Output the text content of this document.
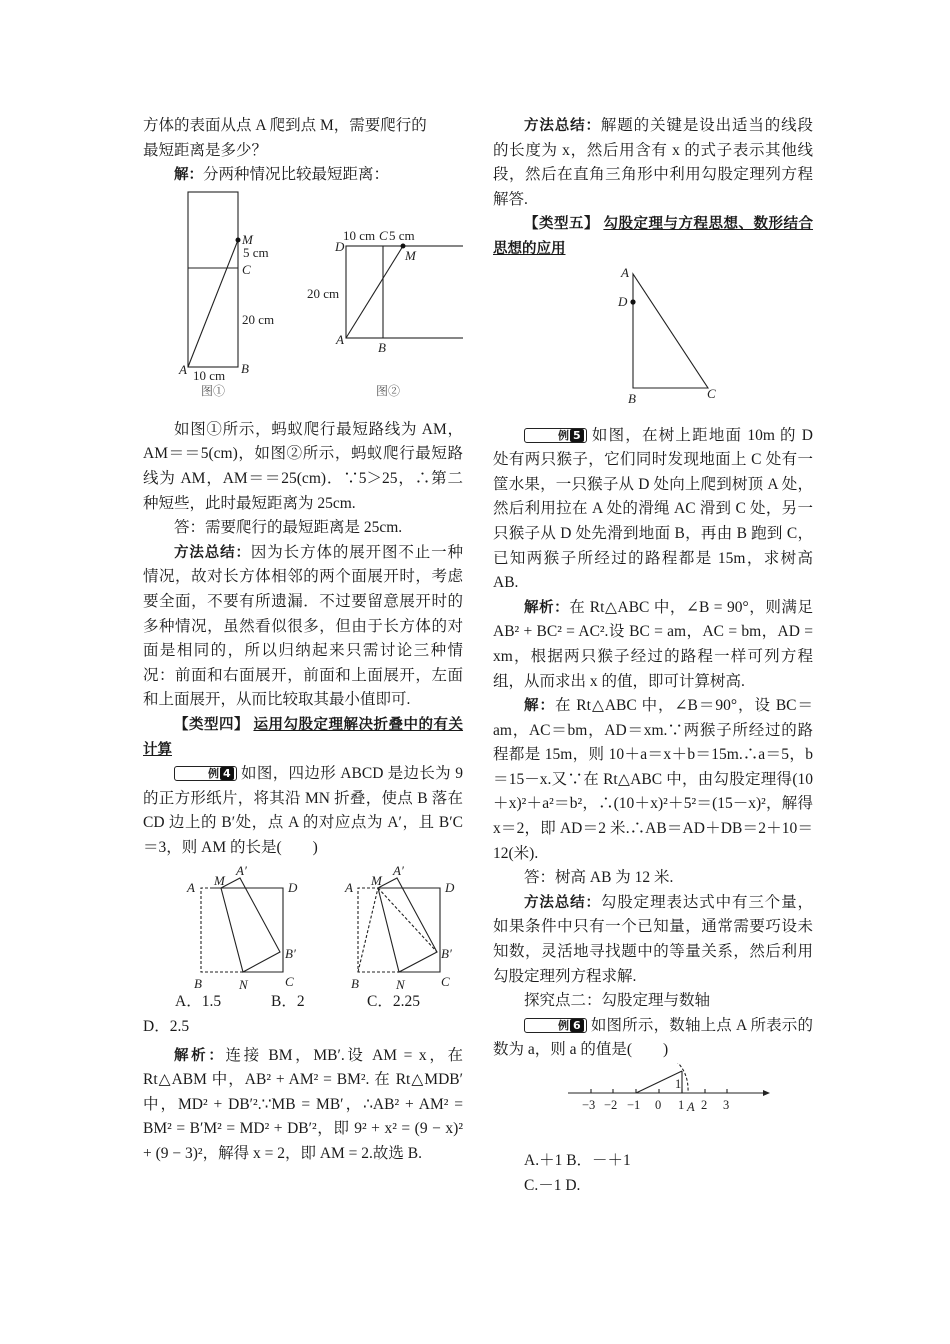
方体的表面从点 A 爬到点 M，需要爬行的

最短距离是多少？

解：分两种情况比较最短距离：

M
5 cm
C
20 cm
A	B
10 cm
图①
10 cm
D
C 5 cm
M
20 cm
A
B
图②

如图①所示，蚂蚁爬行最短路线为 AM，AM＝＝5(cm)，如图②所示，蚂蚁爬行最短路线为 AM，AM＝＝25(cm)．∵5＞25，∴第二种短些，此时最短距离为 25cm.

答：需要爬行的最短距离是 25cm.

方法总结：因为长方体的展开图不止一种情况，故对长方体相邻的两个面展开时，考虑要全面，不要有所遗漏．不过要留意展开时的多种情况，虽然看似很多，但由于长方体的对面是相同的，所以归纳起来只需讨论三种情况：前面和右面展开，前面和上面展开，左面和上面展开，从而比较取其最小值即可.

【类型四】 运用勾股定理解决折叠中的有关计算

例 4 如图，四边形 ABCD 是边长为 9 的正方形纸片，将其沿 MN 折叠，使点 B 落在 CD 边上的 B′处，点 A 的对应点为 A′，且 B′C＝3，则 AM 的长是(　　)

A M
A′
D
B′
B	N	C
A M
A′
D
B′
B	N	C
A．1.5	B．2	C．2.25

D．2.5

解析：连接 BM，MB′.设 AM = x，在 Rt△ABM 中，AB² + AM² = BM². 在 Rt△MDB′中，MD² + DB′².∵MB = MB′，∴AB² + AM² = BM² = B′M² = MD² + DB′²，即 9² + x² = (9 − x)² + (9 − 3)²，解得 x = 2，即 AM = 2.故选 B.

方法总结：解题的关键是设出适当的线段的长度为 x，然后用含有 x 的式子表示其他线段，然后在直角三角形中利用勾股定理列方程解答.

【类型五】 勾股定理与方程思想、数形结合思想的应用

A
D
B	C

例 5 如图，在树上距地面 10m 的 D 处有两只猴子，它们同时发现地面上 C 处有一筐水果，一只猴子从 D 处向上爬到树顶 A 处，然后利用拉在 A 处的滑绳 AC 滑到 C 处，另一只猴子从 D 处先滑到地面 B，再由 B 跑到 C，已知两猴子所经过的路程都是 15m，求树高 AB.

解析：在 Rt△ABC 中，∠B = 90°，则满足 AB² + BC² = AC².设 BC = am，AC = bm，AD = xm，根据两只猴子经过的路程一样可列方程组，从而求出 x 的值，即可计算树高.

解：在 Rt△ABC 中，∠B＝90°，设 BC＝am，AC＝bm，AD＝xm.∵两猴子所经过的路程都是 15m，则 10＋a＝x＋b＝15m.∴a＝5，b＝15－x.又∵在 Rt△ABC 中，由勾股定理得(10＋x)²＋a²＝b²，∴(10＋x)²＋5²＝(15－x)²，解得 x＝2，即 AD＝2 米.∴AB＝AD＋DB＝2＋10＝12(米).

答：树高 AB 为 12 米.

方法总结：勾股定理表达式中有三个量，如果条件中只有一个已知量，通常需要巧设未知数，灵活地寻找题中的等量关系，然后利用勾股定理列方程求解.

探究点二：勾股定理与数轴

例 6 如图所示，数轴上点 A 所表示的数为 a，则 a 的值是(　　)

−3 −2 −1 0 1 2 3
1
A

A.＋1 B．－＋1

C.－1 D.
